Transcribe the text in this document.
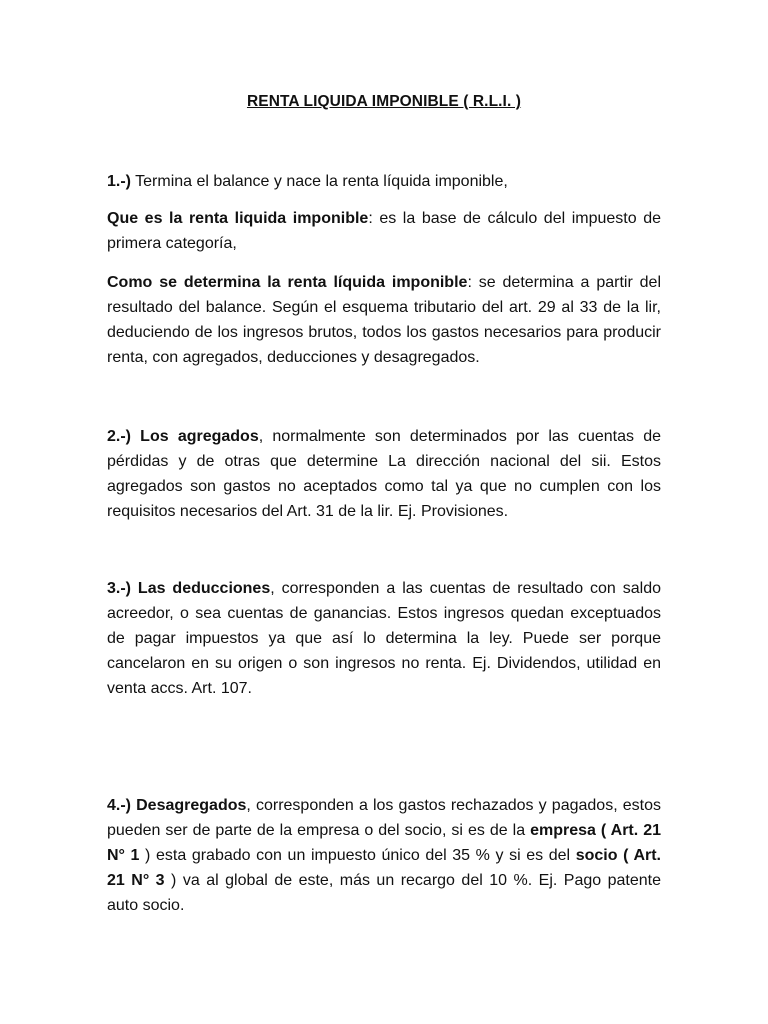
RENTA LIQUIDA IMPONIBLE ( R.L.I. )
1.-) Termina el balance y nace la renta líquida imponible,
Que es la renta liquida imponible: es la base de cálculo del impuesto de primera categoría,
Como se determina la renta líquida imponible: se determina a partir del resultado del balance. Según el esquema tributario del art. 29 al 33 de la lir, deduciendo de los ingresos brutos, todos los gastos necesarios para producir renta, con agregados, deducciones y desagregados.
2.-) Los agregados, normalmente son determinados por las cuentas de pérdidas y de otras que determine La dirección nacional del sii. Estos agregados son gastos no aceptados como tal ya que no cumplen con los requisitos necesarios del Art. 31 de la lir. Ej. Provisiones.
3.-) Las deducciones, corresponden a las cuentas de resultado con saldo acreedor, o sea cuentas de ganancias. Estos ingresos quedan exceptuados de pagar impuestos ya que así lo determina la ley. Puede ser porque cancelaron en su origen o son ingresos no renta. Ej. Dividendos, utilidad en venta accs. Art. 107.
4.-) Desagregados, corresponden a los gastos rechazados y pagados, estos pueden ser de parte de la empresa o del socio, si es de la empresa ( Art. 21 N° 1 ) esta grabado con un impuesto único del 35 % y si es del socio ( Art. 21 N° 3 ) va al global de este, más un recargo del 10 %. Ej. Pago patente auto socio.
